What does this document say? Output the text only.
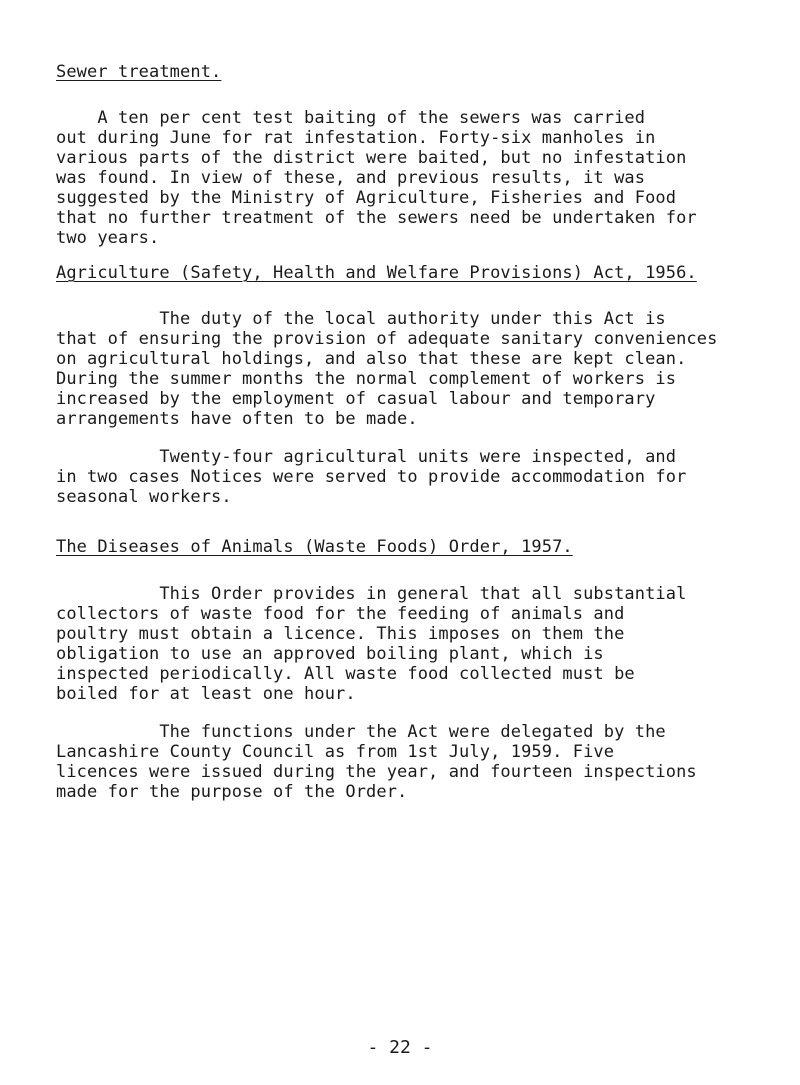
Sewer treatment.
A ten per cent test baiting of the sewers was carried
out during June for rat infestation. Forty-six manholes in
various parts of the district were baited, but no infestation
was found. In view of these, and previous results, it was
suggested by the Ministry of Agriculture, Fisheries and Food
that no further treatment of the sewers need be undertaken for
two years.
Agriculture (Safety, Health and Welfare Provisions) Act, 1956.
The duty of the local authority under this Act is
that of ensuring the provision of adequate sanitary conveniences
on agricultural holdings, and also that these are kept clean.
During the summer months the normal complement of workers is
increased by the employment of casual labour and temporary
arrangements have often to be made.
Twenty-four agricultural units were inspected, and
in two cases Notices were served to provide accommodation for
seasonal workers.
The Diseases of Animals (Waste Foods) Order, 1957.
This Order provides in general that all substantial
collectors of waste food for the feeding of animals and
poultry must obtain a licence. This imposes on them the
obligation to use an approved boiling plant, which is
inspected periodically. All waste food collected must be
boiled for at least one hour.
The functions under the Act were delegated by the
Lancashire County Council as from 1st July, 1959. Five
licences were issued during the year, and fourteen inspections
made for the purpose of the Order.
- 22 -
